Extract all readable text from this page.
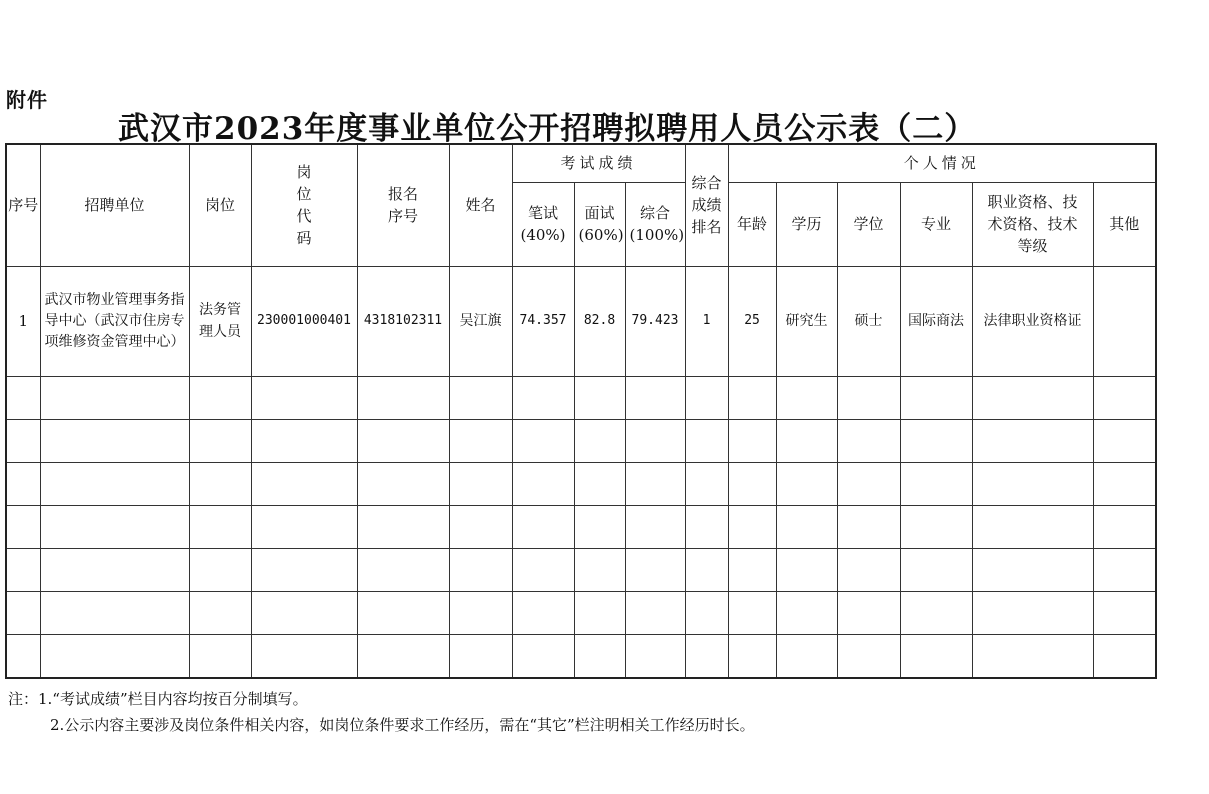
附件
武汉市2023年度事业单位公开招聘拟聘用人员公示表（二）
序号	招聘单位	岗位	岗位代码	报名序号	姓名	考试成绩			综合成绩排名	个人情况					
						笔试(40%)	面试(60%)	综合(100%)		年龄	学历	学位	专业	职业资格、技术资格、技术等级	其他
1	武汉市物业管理事务指导中心（武汉市住房专项维修资金管理中心）	法务管理人员	230001000401	4318102311	吴江旗	74.357	82.8	79.423	1	25	研究生	硕士	国际商法	法律职业资格证	

注：1.“考试成绩”栏目内容均按百分制填写。
2.公示内容主要涉及岗位条件相关内容，如岗位条件要求工作经历，需在“其它”栏注明相关工作经历时长。
